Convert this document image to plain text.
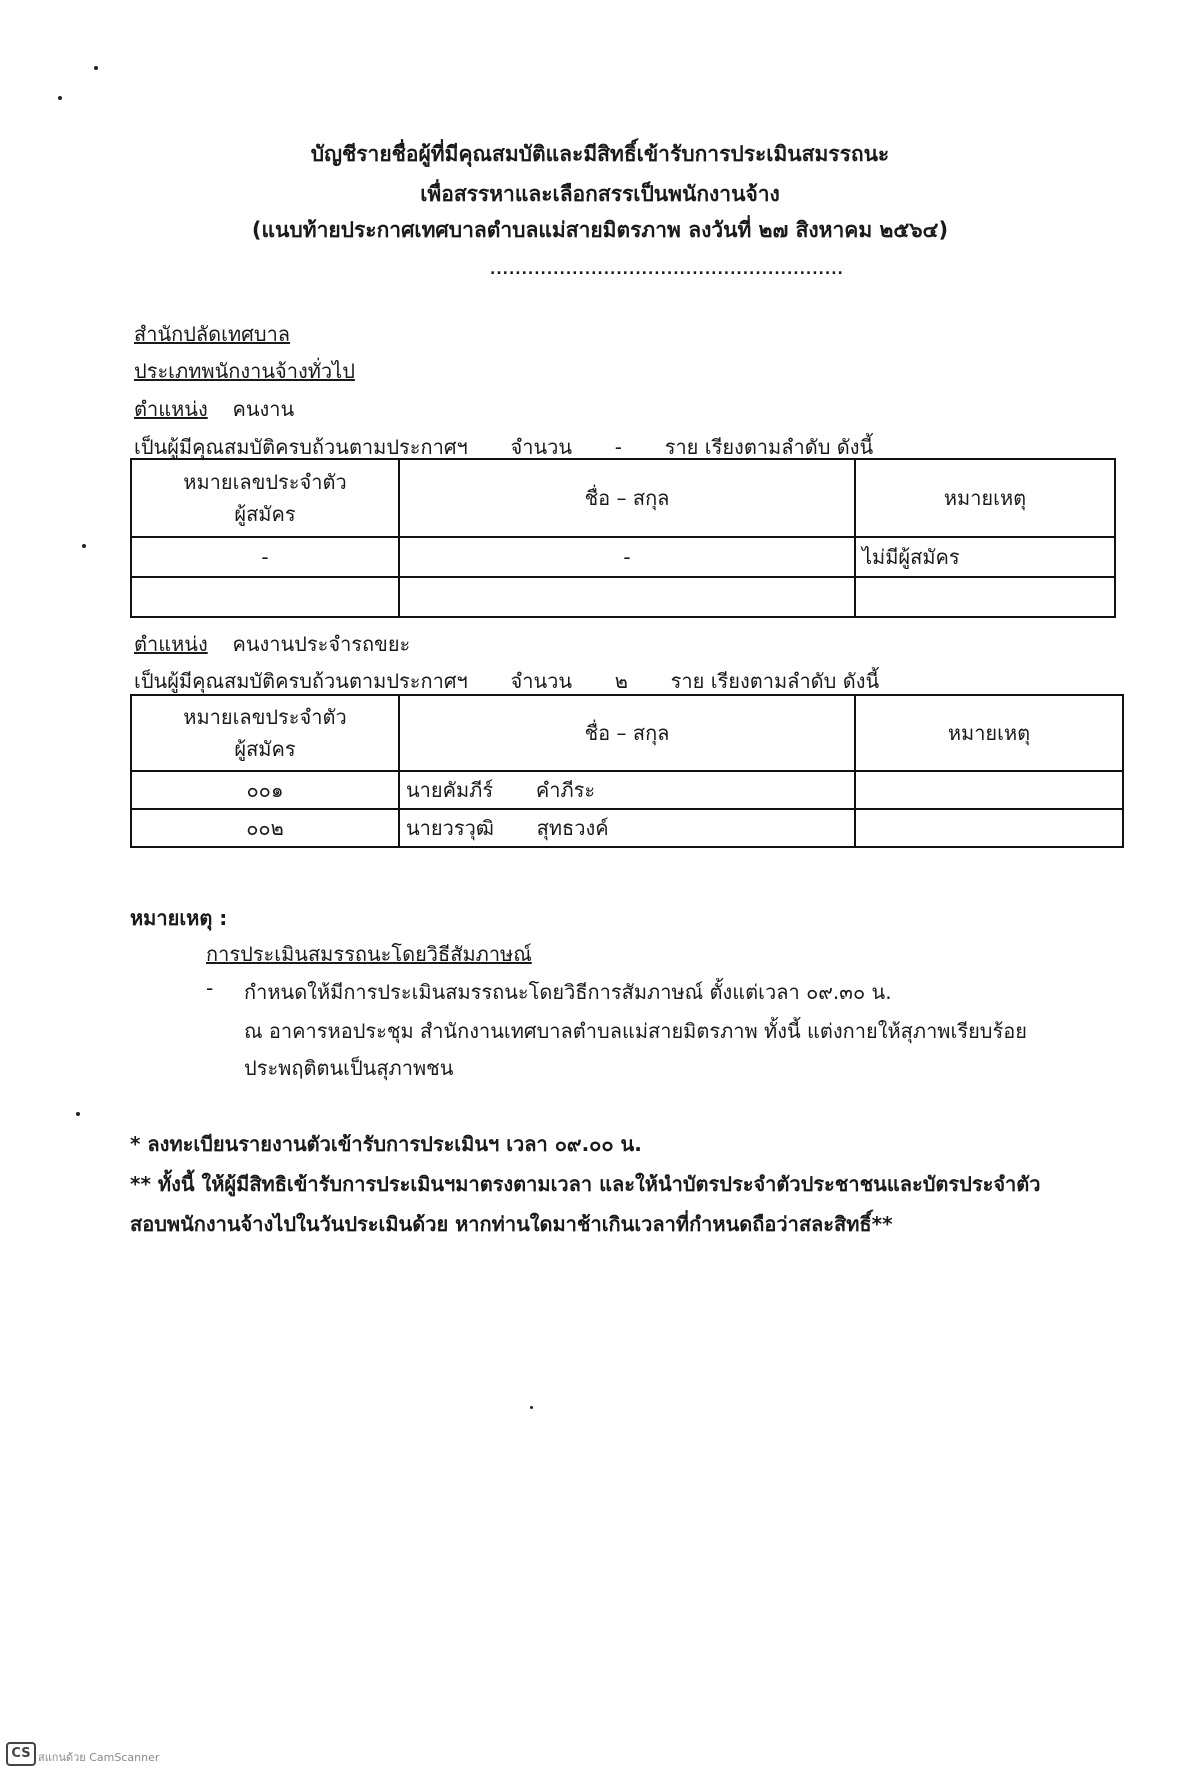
บัญชีรายชื่อผู้ที่มีคุณสมบัติและมีสิทธิ์เข้ารับการประเมินสมรรถนะ
เพื่อสรรหาและเลือกสรรเป็นพนักงานจ้าง
(แนบท้ายประกาศเทศบาลตำบลแม่สายมิตรภาพ ลงวันที่ ๒๗ สิงหาคม ๒๕๖๔)
........................................................
สำนักปลัดเทศบาล
ประเภทพนักงานจ้างทั่วไป
ตำแหน่ง คนงาน
เป็นผู้มีคุณสมบัติครบถ้วนตามประกาศฯ จำนวน - ราย เรียงตามลำดับ ดังนี้
หมายเลขประจำตัว
ผู้สมัคร	ชื่อ – สกุล	หมายเหตุ
-	-	ไม่มีผู้สมัคร

ตำแหน่ง คนงานประจำรถขยะ
เป็นผู้มีคุณสมบัติครบถ้วนตามประกาศฯ จำนวน ๒ ราย เรียงตามลำดับ ดังนี้
หมายเลขประจำตัว
ผู้สมัคร	ชื่อ – สกุล	หมายเหตุ
๐๐๑	นายคัมภีร์ คำภีระ	
๐๐๒	นายวรวุฒิ สุทธวงค์	
หมายเหตุ :
การประเมินสมรรถนะโดยวิธีสัมภาษณ์
- กำหนดให้มีการประเมินสมรรถนะโดยวิธีการสัมภาษณ์ ตั้งแต่เวลา ๐๙.๓๐ น.
ณ อาคารหอประชุม สำนักงานเทศบาลตำบลแม่สายมิตรภาพ ทั้งนี้ แต่งกายให้สุภาพเรียบร้อย
ประพฤติตนเป็นสุภาพชน
* ลงทะเบียนรายงานตัวเข้ารับการประเมินฯ เวลา ๐๙.๐๐ น.
** ทั้งนี้ ให้ผู้มีสิทธิเข้ารับการประเมินฯมาตรงตามเวลา และให้นำบัตรประจำตัวประชาชนและบัตรประจำตัว
สอบพนักงานจ้างไปในวันประเมินด้วย หากท่านใดมาช้าเกินเวลาที่กำหนดถือว่าสละสิทธิ์**
CS สแกนด้วย CamScanner
